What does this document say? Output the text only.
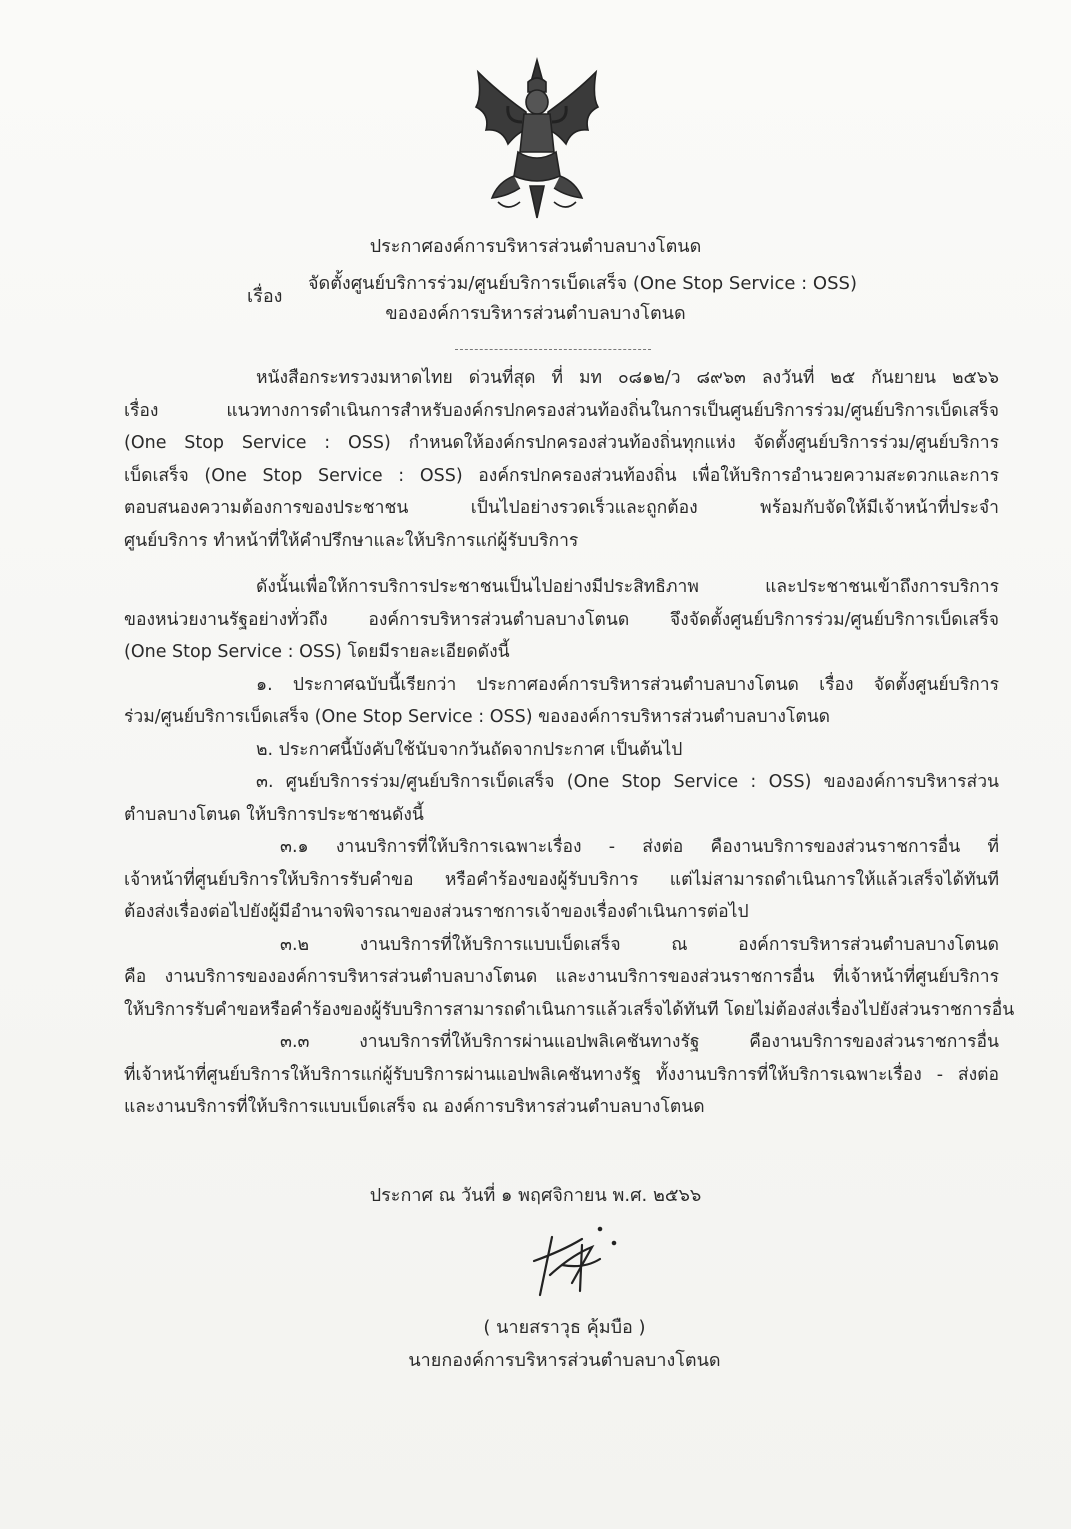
ประกาศองค์การบริหารส่วนตำบลบางโตนด
เรื่อง
จัดตั้งศูนย์บริการร่วม/ศูนย์บริการเบ็ดเสร็จ (One Stop Service : OSS)
ขององค์การบริหารส่วนตำบลบางโตนด
หนังสือกระทรวงมหาดไทย ด่วนที่สุด ที่ มท ๐๘๑๒/ว ๘๙๖๓ ลงวันที่ ๒๕ กันยายน ๒๕๖๖
เรื่อง แนวทางการดำเนินการสำหรับองค์กรปกครองส่วนท้องถิ่นในการเป็นศูนย์บริการร่วม/ศูนย์บริการเบ็ดเสร็จ
(One Stop Service : OSS) กำหนดให้องค์กรปกครองส่วนท้องถิ่นทุกแห่ง จัดตั้งศูนย์บริการร่วม/ศูนย์บริการ
เบ็ดเสร็จ (One Stop Service : OSS) องค์กรปกครองส่วนท้องถิ่น เพื่อให้บริการอำนวยความสะดวกและการ
ตอบสนองความต้องการของประชาชน เป็นไปอย่างรวดเร็วและถูกต้อง พร้อมกับจัดให้มีเจ้าหน้าที่ประจำ
ศูนย์บริการ ทำหน้าที่ให้คำปรึกษาและให้บริการแก่ผู้รับบริการ
ดังนั้นเพื่อให้การบริการประชาชนเป็นไปอย่างมีประสิทธิภาพ และประชาชนเข้าถึงการบริการ
ของหน่วยงานรัฐอย่างทั่วถึง องค์การบริหารส่วนตำบลบางโตนด จึงจัดตั้งศูนย์บริการร่วม/ศูนย์บริการเบ็ดเสร็จ
(One Stop Service : OSS) โดยมีรายละเอียดดังนี้
๑. ประกาศฉบับนี้เรียกว่า ประกาศองค์การบริหารส่วนตำบลบางโตนด เรื่อง จัดตั้งศูนย์บริการ
ร่วม/ศูนย์บริการเบ็ดเสร็จ (One Stop Service : OSS) ขององค์การบริหารส่วนตำบลบางโตนด
๒. ประกาศนี้บังคับใช้นับจากวันถัดจากประกาศ เป็นต้นไป
๓. ศูนย์บริการร่วม/ศูนย์บริการเบ็ดเสร็จ (One Stop Service : OSS) ขององค์การบริหารส่วน
ตำบลบางโตนด ให้บริการประชาชนดังนี้
๓.๑ งานบริการที่ให้บริการเฉพาะเรื่อง - ส่งต่อ คืองานบริการของส่วนราชการอื่น ที่
เจ้าหน้าที่ศูนย์บริการให้บริการรับคำขอ หรือคำร้องของผู้รับบริการ แต่ไม่สามารถดำเนินการให้แล้วเสร็จได้ทันที
ต้องส่งเรื่องต่อไปยังผู้มีอำนาจพิจารณาของส่วนราชการเจ้าของเรื่องดำเนินการต่อไป
๓.๒ งานบริการที่ให้บริการแบบเบ็ดเสร็จ ณ องค์การบริหารส่วนตำบลบางโตนด
คือ งานบริการขององค์การบริหารส่วนตำบลบางโตนด และงานบริการของส่วนราชการอื่น ที่เจ้าหน้าที่ศูนย์บริการ
ให้บริการรับคำขอหรือคำร้องของผู้รับบริการสามารถดำเนินการแล้วเสร็จได้ทันที โดยไม่ต้องส่งเรื่องไปยังส่วนราชการอื่น
๓.๓ งานบริการที่ให้บริการผ่านแอปพลิเคชันทางรัฐ คืองานบริการของส่วนราชการอื่น
ที่เจ้าหน้าที่ศูนย์บริการให้บริการแก่ผู้รับบริการผ่านแอปพลิเคชันทางรัฐ ทั้งงานบริการที่ให้บริการเฉพาะเรื่อง - ส่งต่อ
และงานบริการที่ให้บริการแบบเบ็ดเสร็จ ณ องค์การบริหารส่วนตำบลบางโตนด
ประกาศ ณ วันที่ ๑ พฤศจิกายน พ.ศ. ๒๕๖๖
( นายสราวุธ คุ้มบือ )
นายกองค์การบริหารส่วนตำบลบางโตนด
